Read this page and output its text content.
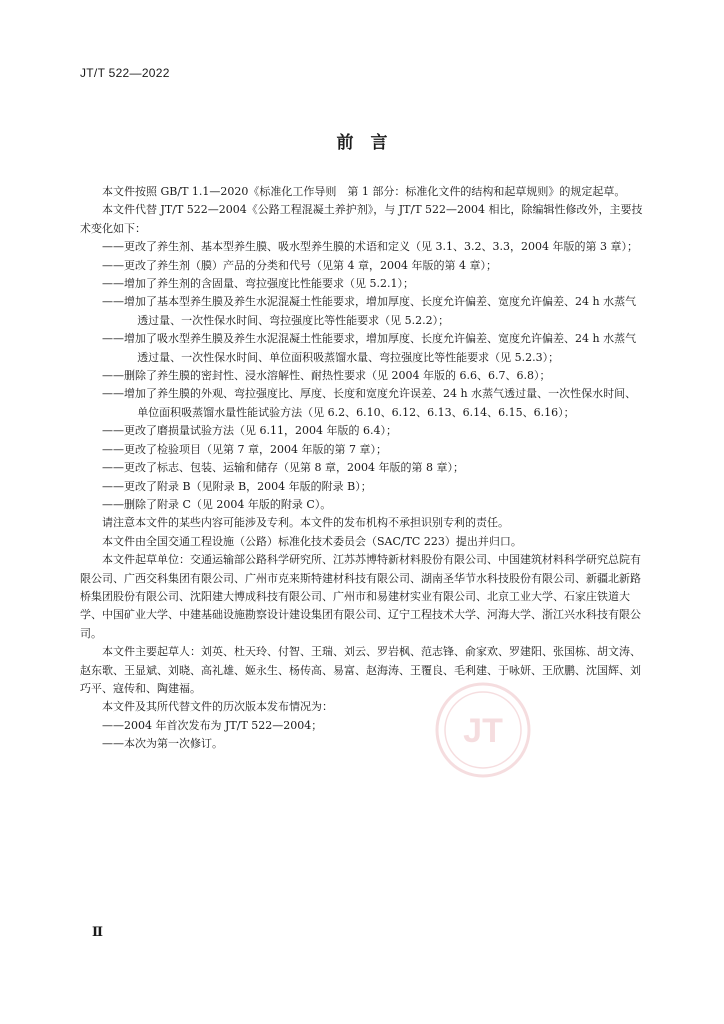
JT/T 522—2022
前　言

本文件按照 GB/T 1.1—2020《标准化工作导则　第 1 部分：标准化文件的结构和起草规则》的规定起草。

本文件代替 JT/T 522—2004《公路工程混凝土养护剂》，与 JT/T 522—2004 相比，除编辑性修改外，主要技术变化如下：

——更改了养生剂、基本型养生膜、吸水型养生膜的术语和定义（见 3.1、3.2、3.3，2004 年版的第 3 章）；

——更改了养生剂（膜）产品的分类和代号（见第 4 章，2004 年版的第 4 章）；

——增加了养生剂的含固量、弯拉强度比性能要求（见 5.2.1）；

——增加了基本型养生膜及养生水泥混凝土性能要求，增加厚度、长度允许偏差、宽度允许偏差、24 h 水蒸气透过量、一次性保水时间、弯拉强度比等性能要求（见 5.2.2）；

——增加了吸水型养生膜及养生水泥混凝土性能要求，增加厚度、长度允许偏差、宽度允许偏差、24 h 水蒸气透过量、一次性保水时间、单位面积吸蒸馏水量、弯拉强度比等性能要求（见 5.2.3）；

——删除了养生膜的密封性、浸水溶解性、耐热性要求（见 2004 年版的 6.6、6.7、6.8）；

——增加了养生膜的外观、弯拉强度比、厚度、长度和宽度允许误差、24 h 水蒸气透过量、一次性保水时间、单位面积吸蒸馏水量性能试验方法（见 6.2、6.10、6.12、6.13、6.14、6.15、6.16）；

——更改了磨损量试验方法（见 6.11，2004 年版的 6.4）；

——更改了检验项目（见第 7 章，2004 年版的第 7 章）；

——更改了标志、包装、运输和储存（见第 8 章，2004 年版的第 8 章）；

——更改了附录 B（见附录 B，2004 年版的附录 B）；

——删除了附录 C（见 2004 年版的附录 C）。

请注意本文件的某些内容可能涉及专利。本文件的发布机构不承担识别专利的责任。

本文件由全国交通工程设施（公路）标准化技术委员会（SAC/TC 223）提出并归口。

本文件起草单位：交通运输部公路科学研究所、江苏苏博特新材料股份有限公司、中国建筑材料科学研究总院有限公司、广西交科集团有限公司、广州市克来斯特建材科技有限公司、湖南圣华节水科技股份有限公司、新疆北新路桥集团股份有限公司、沈阳建大博成科技有限公司、广州市和易建材实业有限公司、北京工业大学、石家庄铁道大学、中国矿业大学、中建基础设施勘察设计建设集团有限公司、辽宁工程技术大学、河海大学、浙江兴水科技有限公司。

本文件主要起草人：刘英、杜天玲、付智、王瑞、刘云、罗岩枫、范志锋、俞家欢、罗建阳、张国栋、胡文涛、赵东歌、王显斌、刘晓、高礼雄、姬永生、杨传高、易富、赵海涛、王覆良、毛利建、于咏妍、王欣鹏、沈国辉、刘巧平、寇传和、陶建福。

本文件及其所代替文件的历次版本发布情况为：

——2004 年首次发布为 JT/T 522—2004；

——本次为第一次修订。	JT
Ⅱ
